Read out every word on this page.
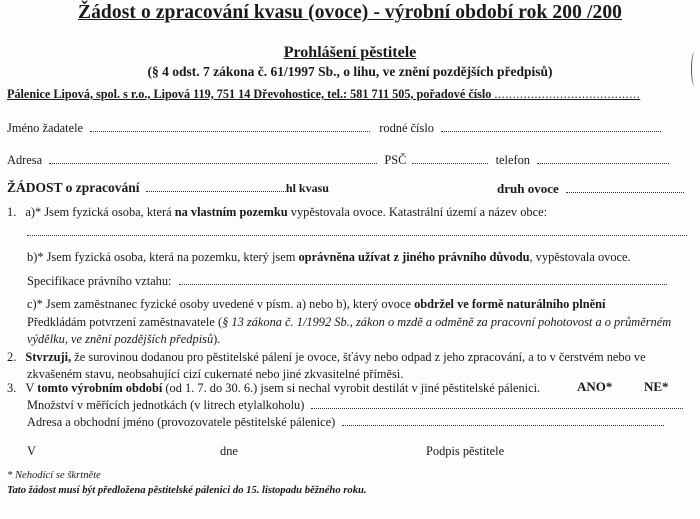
Žádost o zpracování kvasu (ovoce) - výrobní období rok 200 /200
Prohlášení pěstitele
(§ 4 odst. 7 zákona č. 61/1997 Sb., o lihu, ve znění pozdějších předpisů)
Pálenice Lipová, spol. s r.o., Lipová 119, 751 14 Dřevohostice, tel.: 581 711 505, pořadové číslo ........................................
Jméno žadatele	rodné číslo
Adresa	PSČ	telefon
ŽÁDOST o zpracování	hl kvasu	druh ovoce
1. a)* Jsem fyzická osoba, která na vlastním pozemku vypěstovala ovoce. Katastrální území a název obce:
b)* Jsem fyzická osoba, která na pozemku, který jsem oprávněna užívat z jiného právního důvodu, vypěstovala ovoce.
Specifikace právního vztahu:
c)* Jsem zaměstnanec fyzické osoby uvedené v písm. a) nebo b), který ovoce obdržel ve formě naturálního plnění
Předkládám potvrzení zaměstnavatele (§ 13 zákona č. 1/1992 Sb., zákon o mzdě a odměně za pracovní pohotovost a o průměrném
výdělku, ve znění pozdějších předpisů).
2. Stvrzuji, že surovinou dodanou pro pěstitelské pálení je ovoce, šťávy nebo odpad z jeho zpracování, a to v čerstvém nebo ve
zkvašeném stavu, neobsahující cizí cukernaté nebo jiné zkvasitelné příměsi.
3. V tomto výrobním období (od 1. 7. do 30. 6.) jsem si nechal vyrobit destilát v jiné pěstitelské pálenici.	ANO* NE*
Množství v měřících jednotkách (v litrech etylalkoholu)
Adresa a obchodní jméno (provozovatele pěstitelské pálenice)
V	dne	Podpis pěstitele
* Nehodící se škrtněte
Tato žádost musí být předložena pěstitelské pálenici do 15. listopadu běžného roku.
